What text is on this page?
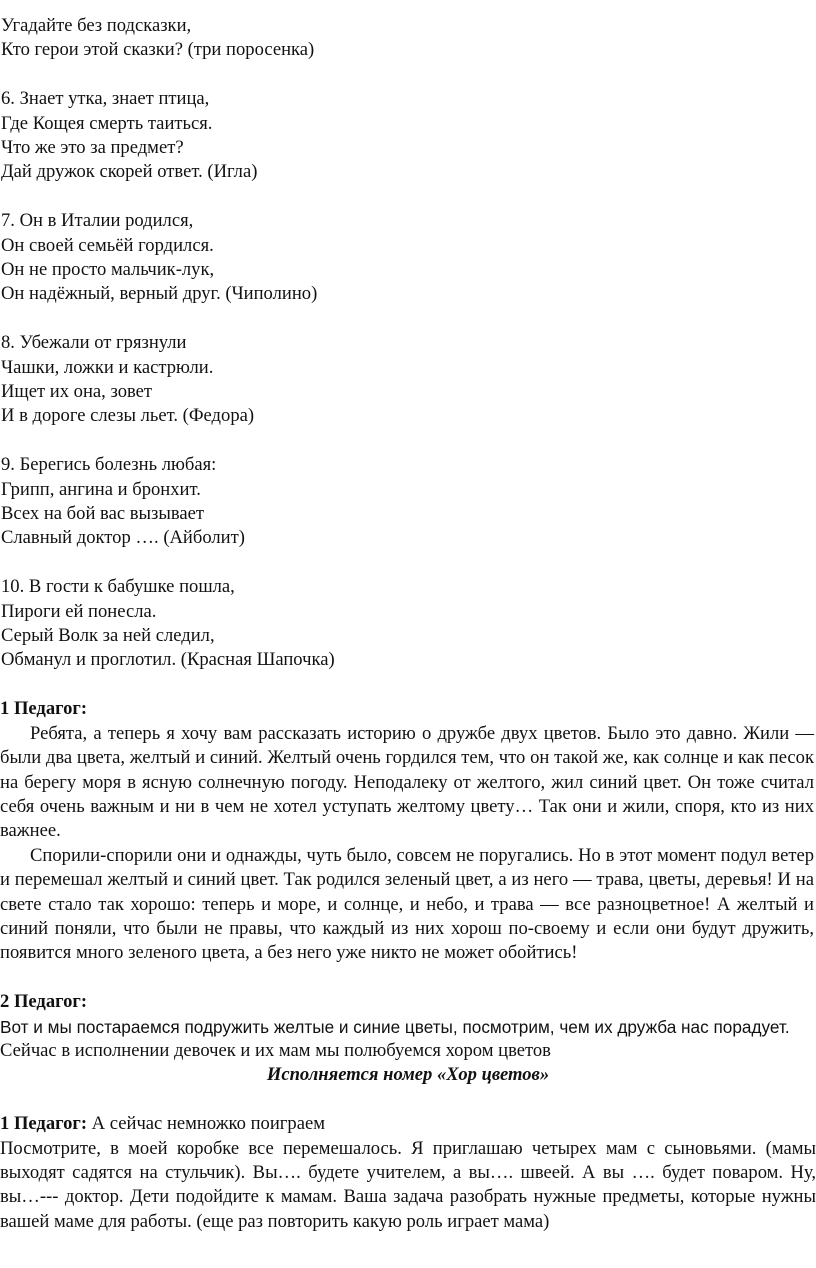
Угадайте без подсказки,
Кто герои этой сказки? (три поросенка)
6. Знает утка, знает птица,
Где Кощея смерть таиться.
Что же это за предмет?
Дай дружок скорей ответ. (Игла)
7. Он в Италии родился,
Он своей семьёй гордился.
Он не просто мальчик-лук,
Он надёжный, верный друг. (Чиполино)
8. Убежали от грязнули
Чашки, ложки и кастрюли.
Ищет их она, зовет
И в дороге слезы льет. (Федора)
9. Берегись болезнь любая:
Грипп, ангина и бронхит.
Всех на бой вас вызывает
Славный доктор …. (Айболит)
10. В гости к бабушке пошла,
Пироги ей понесла.
Серый Волк за ней следил,
Обманул и проглотил. (Красная Шапочка)
1 Педагог:

Ребята, а теперь я хочу вам рассказать историю о дружбе двух цветов. Было это давно. Жили — были два цвета, желтый и синий. Желтый очень гордился тем, что он такой же, как солнце и как песок на берегу моря в ясную солнечную погоду. Неподалеку от желтого, жил синий цвет. Он тоже считал себя очень важным и ни в чем не хотел уступать желтому цвету… Так они и жили, споря, кто из них важнее.

Спорили-спорили они и однажды, чуть было, совсем не поругались. Но в этот момент подул ветер и перемешал желтый и синий цвет. Так родился зеленый цвет, а из него — трава, цветы, деревья! И на свете стало так хорошо: теперь и море, и солнце, и небо, и трава — все разноцветное! А желтый и синий поняли, что были не правы, что каждый из них хорош по-своему и если они будут дружить, появится много зеленого цвета, а без него уже никто не может обойтись!

2 Педагог:

Вот и мы постараемся подружить желтые и синие цветы, посмотрим, чем их дружба нас порадует.

Сейчас в исполнении девочек и их мам мы полюбуемся хором цветов

Исполняется номер «Хор цветов»

1 Педагог: А сейчас немножко поиграем

Посмотрите, в моей коробке все перемешалось. Я приглашаю четырех мам с сыновьями. (мамы выходят садятся на стульчик). Вы…. будете учителем, а вы…. швеей. А вы …. будет поваром. Ну, вы…--- доктор. Дети подойдите к мамам. Ваша задача разобрать нужные предметы, которые нужны вашей маме для работы. (еще раз повторить какую роль играет мама)
